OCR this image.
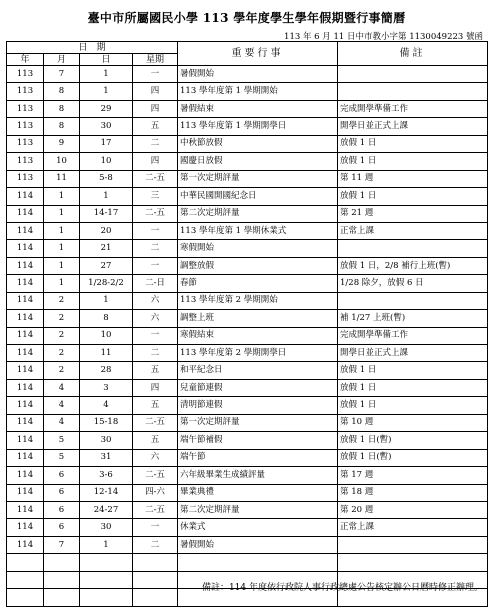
臺中市所屬國民小學 113 學年度學生學年假期暨行事簡曆
113 年 6 月 11 日中市教小字第 1130049223 號函
日　期				重要行事	備註
年	月	日	星期		
113	7	1	一	暑假開始	
113	8	1	四	113 學年度第 1 學期開始	
113	8	29	四	暑假結束	完成開學準備工作
113	8	30	五	113 學年度第 1 學期開學日	開學日並正式上課
113	9	17	二	中秋節放假	放假 1 日
113	10	10	四	國慶日放假	放假 1 日
113	11	5-8	二-五	第一次定期評量	第 11 週
114	1	1	三	中華民國開國紀念日	放假 1 日
114	1	14-17	二-五	第二次定期評量	第 21 週
114	1	20	一	113 學年度第 1 學期休業式	正常上課
114	1	21	二	寒假開始	
114	1	27	一	調整放假	放假 1 日，2/8 補行上班(暫)
114	1	1/28-2/2	二-日	春節	1/28 除夕，放假 6 日
114	2	1	六	113 學年度第 2 學期開始	
114	2	8	六	調整上班	補 1/27 上班(暫)
114	2	10	一	寒假結束	完成開學準備工作
114	2	11	二	113 學年度第 2 學期開學日	開學日並正式上課
114	2	28	五	和平紀念日	放假 1 日
114	4	3	四	兒童節連假	放假 1 日
114	4	4	五	清明節連假	放假 1 日
114	4	15-18	二-五	第一次定期評量	第 10 週
114	5	30	五	端午節補假	放假 1 日(暫)
114	5	31	六	端午節	放假 1 日(暫)
114	6	3-6	二-五	六年級畢業生成績評量	第 17 週
114	6	12-14	四-六	畢業典禮	第 18 週
114	6	24-27	二-五	第二次定期評量	第 20 週
114	6	30	一	休業式	正常上課
114	7	1	二	暑假開始	

備註：114 年度依行政院人事行政總處公告核定辦公日曆時修正辦理。
